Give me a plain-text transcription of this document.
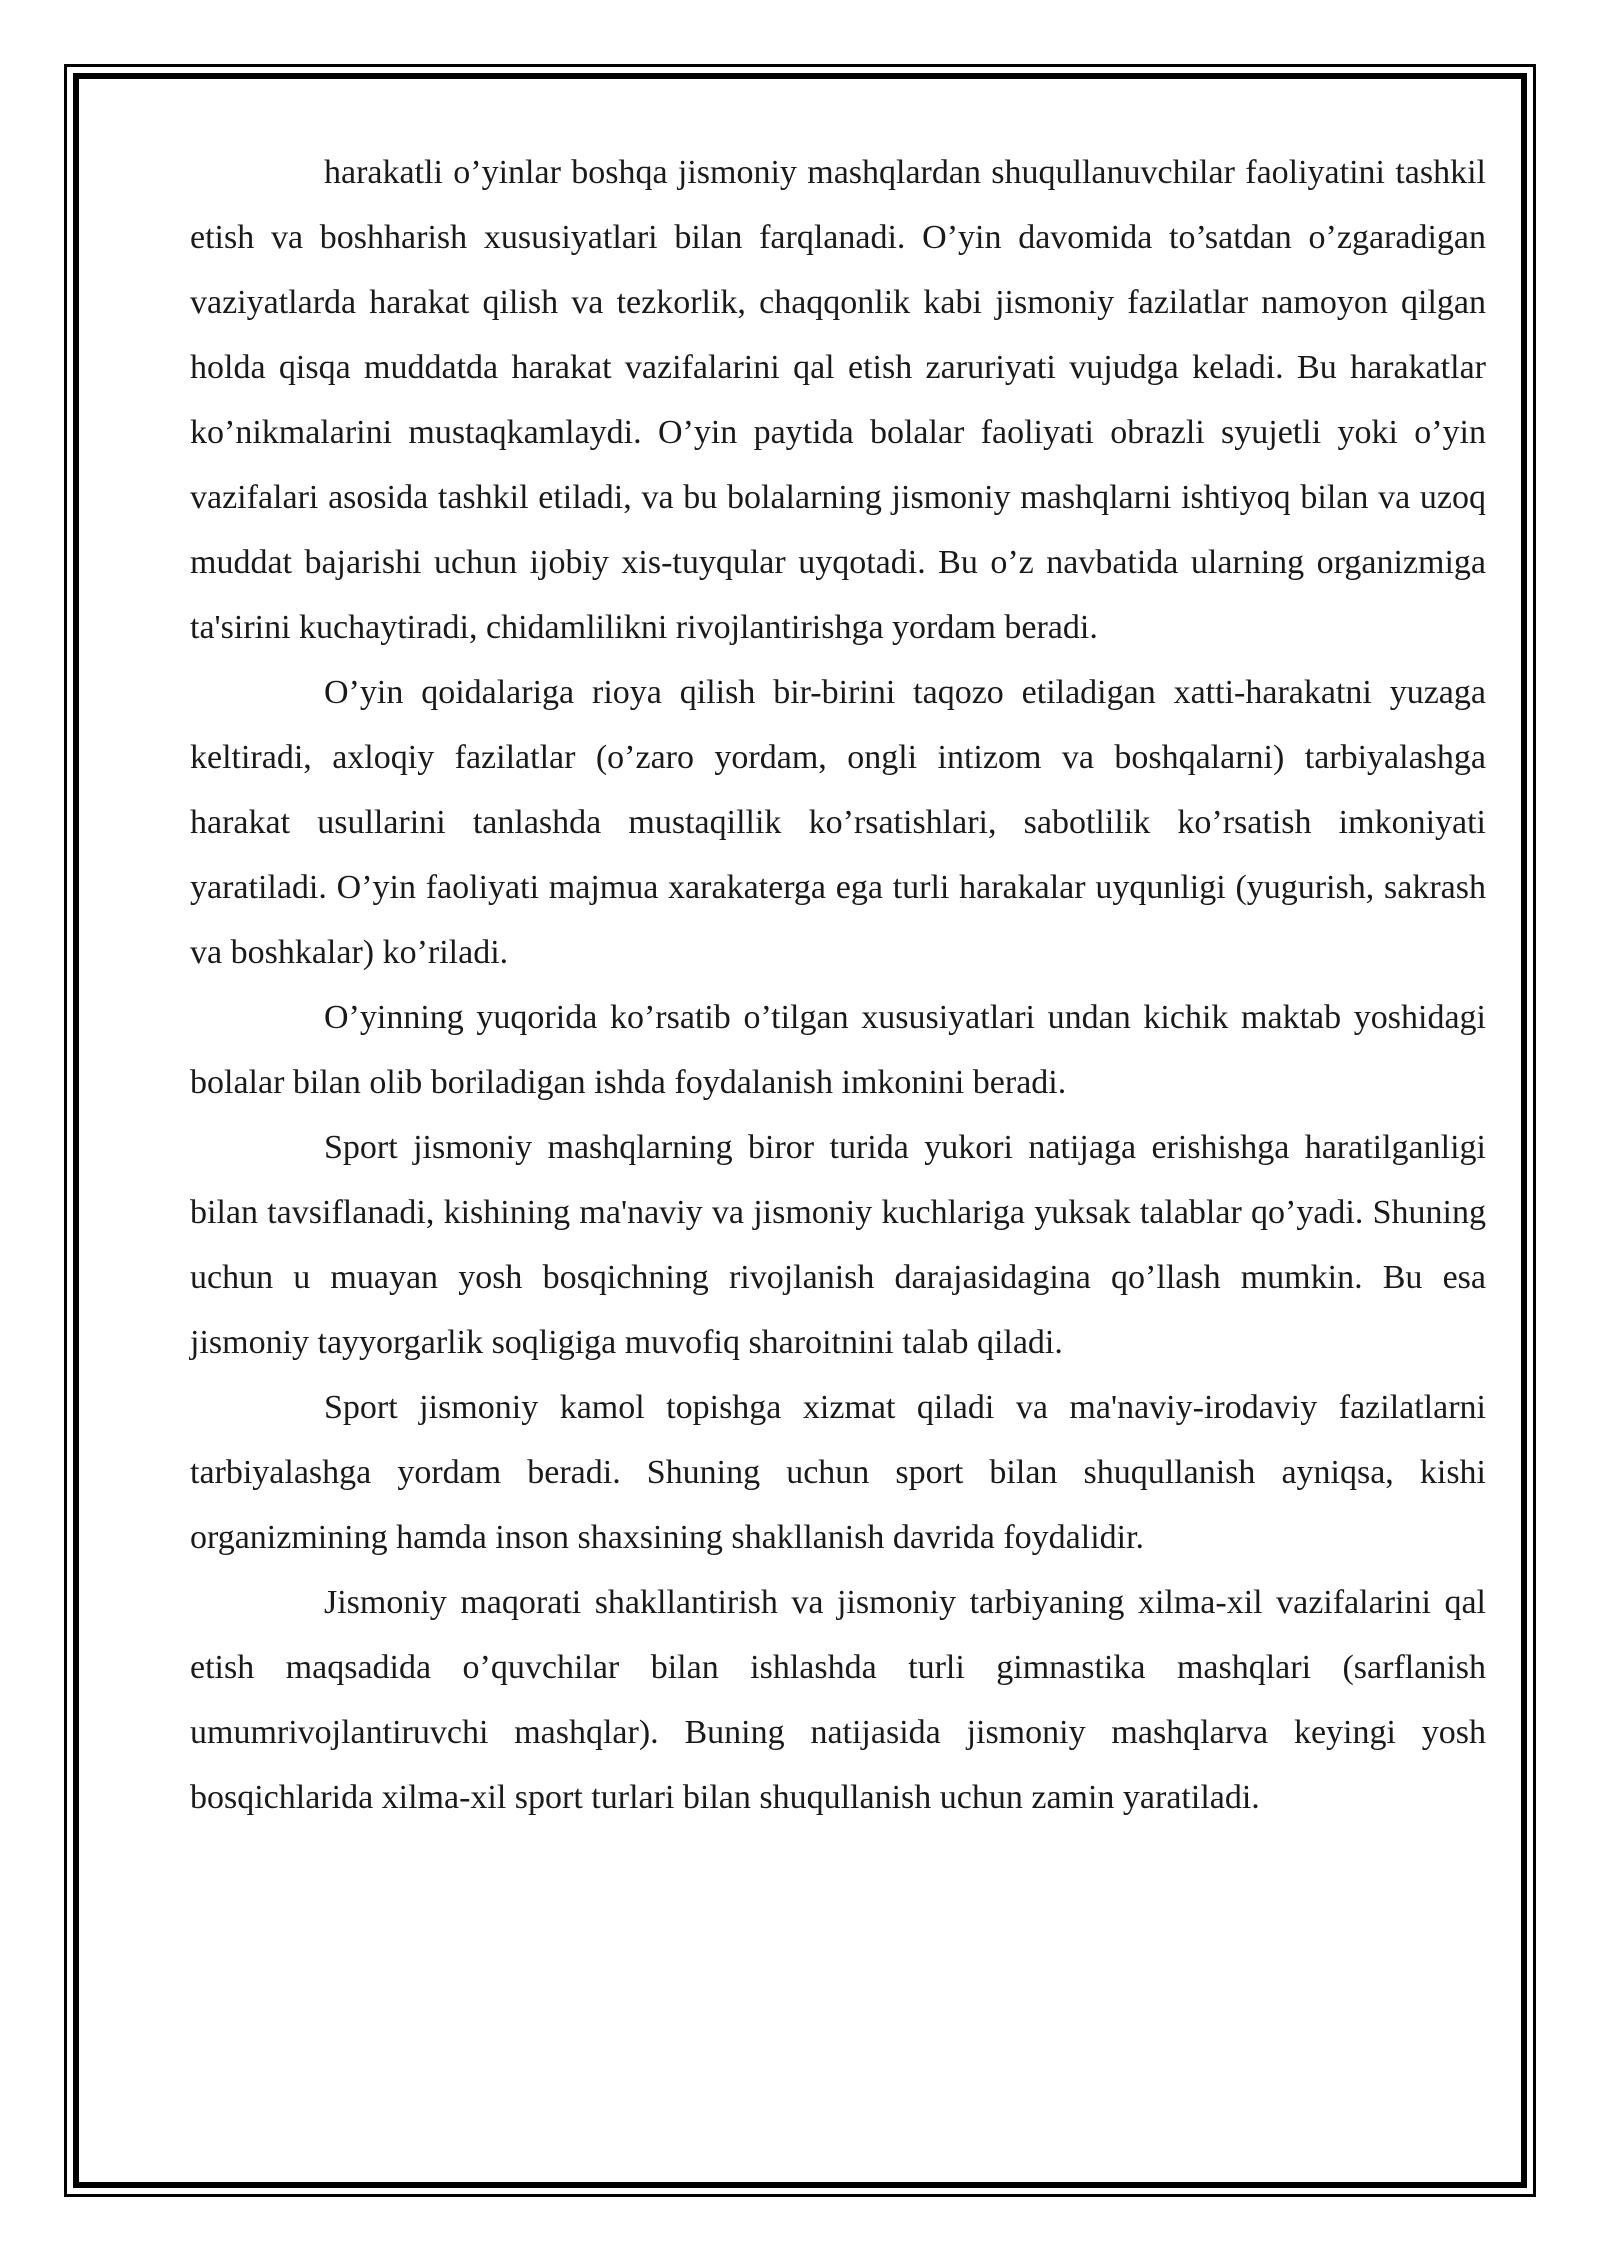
harakatli o’yinlar boshqa jismoniy mashqlardan shuqullanuvchilar faoliyatini tashkil etish va boshharish xususiyatlari bilan farqlanadi. O’yin davomida to’satdan o’zgaradigan vaziyatlarda harakat qilish va tezkorlik, chaqqonlik kabi jismoniy fazilatlar namoyon qilgan holda qisqa muddatda harakat vazifalarini qal etish zaruriyati vujudga keladi. Bu harakatlar ko’nikmalarini mustaqkamlaydi. O’yin paytida bolalar faoliyati obrazli syujetli yoki o’yin vazifalari asosida tashkil etiladi, va bu bolalarning jismoniy mashqlarni ishtiyoq bilan va uzoq muddat bajarishi uchun ijobiy xis-tuyqular uyqotadi. Bu o’z navbatida ularning organizmiga ta'sirini kuchaytiradi, chidamlilikni rivojlantirishga yordam beradi.

O’yin qoidalariga rioya qilish bir-birini taqozo etiladigan xatti-harakatni yuzaga keltiradi, axloqiy fazilatlar (o’zaro yordam, ongli intizom va boshqalarni) tarbiyalashga harakat usullarini tanlashda mustaqillik ko’rsatishlari, sabotlilik ko’rsatish imkoniyati yaratiladi. O’yin faoliyati majmua xarakaterga ega turli harakalar uyqunligi (yugurish, sakrash va boshkalar) ko’riladi.

O’yinning yuqorida ko’rsatib o’tilgan xususiyatlari undan kichik maktab yoshidagi bolalar bilan olib boriladigan ishda foydalanish imkonini beradi.

Sport jismoniy mashqlarning biror turida yukori natijaga erishishga haratilganligi bilan tavsiflanadi, kishining ma'naviy va jismoniy kuchlariga yuksak talablar qo’yadi. Shuning uchun u muayan yosh bosqichning rivojlanish darajasidagina qo’llash mumkin. Bu esa jismoniy tayyorgarlik soqligiga muvofiq sharoitnini talab qiladi.

Sport jismoniy kamol topishga xizmat qiladi va ma'naviy-irodaviy fazilatlarni tarbiyalashga yordam beradi. Shuning uchun sport bilan shuqullanish ayniqsa, kishi organizmining hamda inson shaxsining shakllanish davrida foydalidir.

Jismoniy maqorati shakllantirish va jismoniy tarbiyaning xilma-xil vazifalarini qal etish maqsadida o’quvchilar bilan ishlashda turli gimnastika mashqlari (sarflanish umumrivojlantiruvchi mashqlar). Buning natijasida jismoniy mashqlarva keyingi yosh bosqichlarida xilma-xil sport turlari bilan shuqullanish uchun zamin yaratiladi.
